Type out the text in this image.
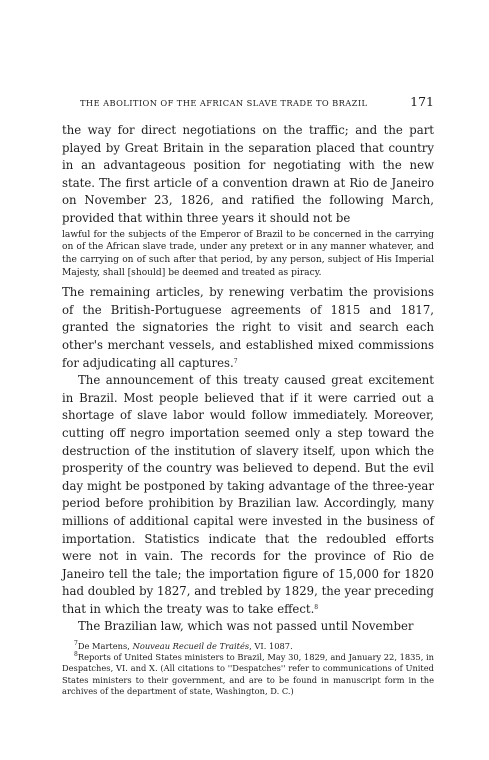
THE ABOLITION OF THE AFRICAN SLAVE TRADE TO BRAZIL	171

the way for direct negotiations on the traffic; and the part played by Great Britain in the separation placed that country in an advantageous position for negotiating with the new state. The first article of a convention drawn at Rio de Janeiro on November 23, 1826, and ratified the following March, provided that within three years it should not be

lawful for the subjects of the Emperor of Brazil to be concerned in the carrying on of the African slave trade, under any pretext or in any manner whatever, and the carrying on of such after that period, by any person, subject of His Imperial Majesty, shall [should] be deemed and treated as piracy.

The remaining articles, by renewing verbatim the provisions of the British-Portuguese agreements of 1815 and 1817, granted the signatories the right to visit and search each other's merchant vessels, and established mixed commissions for adjudicating all captures.$^7$

The announcement of this treaty caused great excitement in Brazil. Most people believed that if it were carried out a shortage of slave labor would follow immediately. Moreover, cutting off negro importation seemed only a step toward the destruction of the institution of slavery itself, upon which the prosperity of the country was believed to depend. But the evil day might be postponed by taking advantage of the three-year period before prohibition by Brazilian law. Accordingly, many millions of additional capital were invested in the business of importation. Statistics indicate that the redoubled efforts were not in vain. The records for the province of Rio de Janeiro tell the tale; the importation figure of 15,000 for 1820 had doubled by 1827, and trebled by 1829, the year preceding that in which the treaty was to take effect.$^8$

The Brazilian law, which was not passed until November

$^7$De Martens, Nouveau Recueil de Traités, VI. 1087.

$^8$Reports of United States ministers to Brazil, May 30, 1829, and January 22, 1835, in Despatches, VI. and X. (All citations to ''Despatches'' refer to communications of United States ministers to their government, and are to be found in manuscript form in the archives of the department of state, Washington, D. C.)
